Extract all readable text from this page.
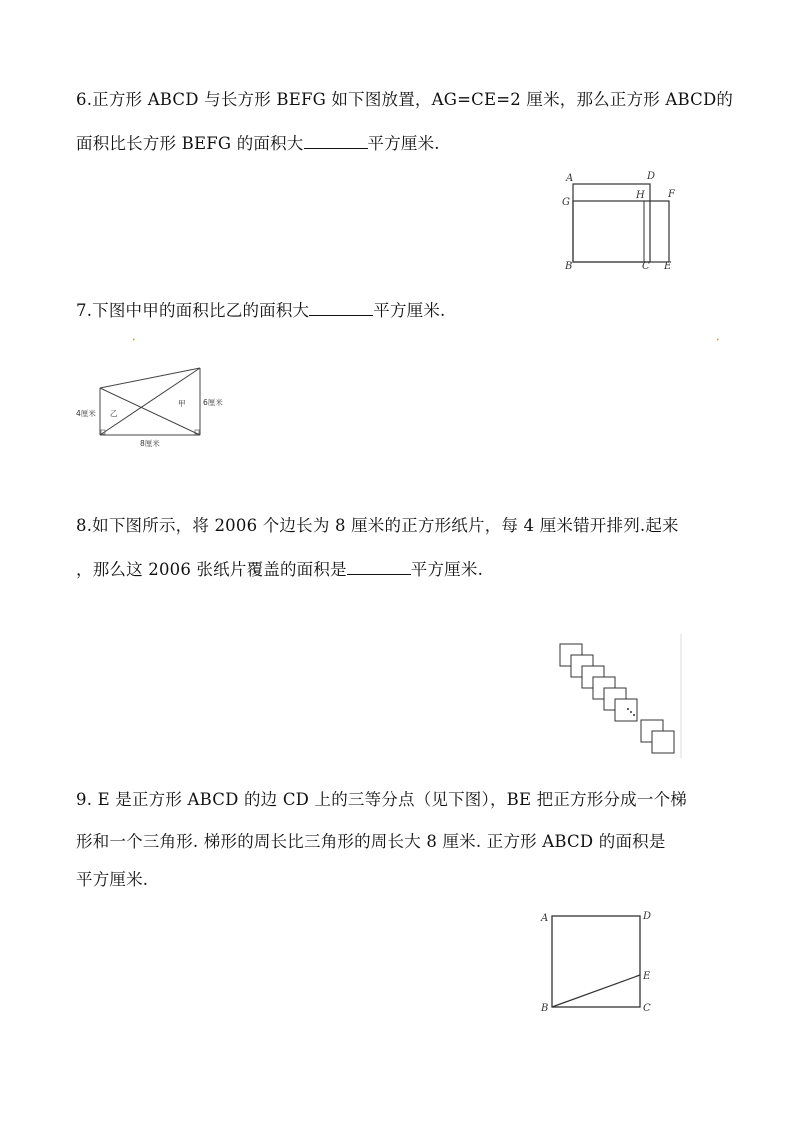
6.正方形 ABCD 与长方形 BEFG 如下图放置，AG=CE=2 厘米，那么正方形 ABCD的
面积比长方形 BEFG 的面积大	平方厘米.
A	D
F
G
H
B	C E
7.下图中甲的面积比乙的面积大	平方厘米.
•	•
4厘米
6厘米
8厘米
乙
甲
8.如下图所示，将 2006 个边长为 8 厘米的正方形纸片，每 4 厘米错开排列.起来
，那么这 2006 张纸片覆盖的面积是	平方厘米.
9. E 是正方形 ABCD 的边 CD 上的三等分点（见下图），BE 把正方形分成一个梯
形和一个三角形. 梯形的周长比三角形的周长大 8 厘米. 正方形 ABCD 的面积是
平方厘米.
A	D
E
B	C
